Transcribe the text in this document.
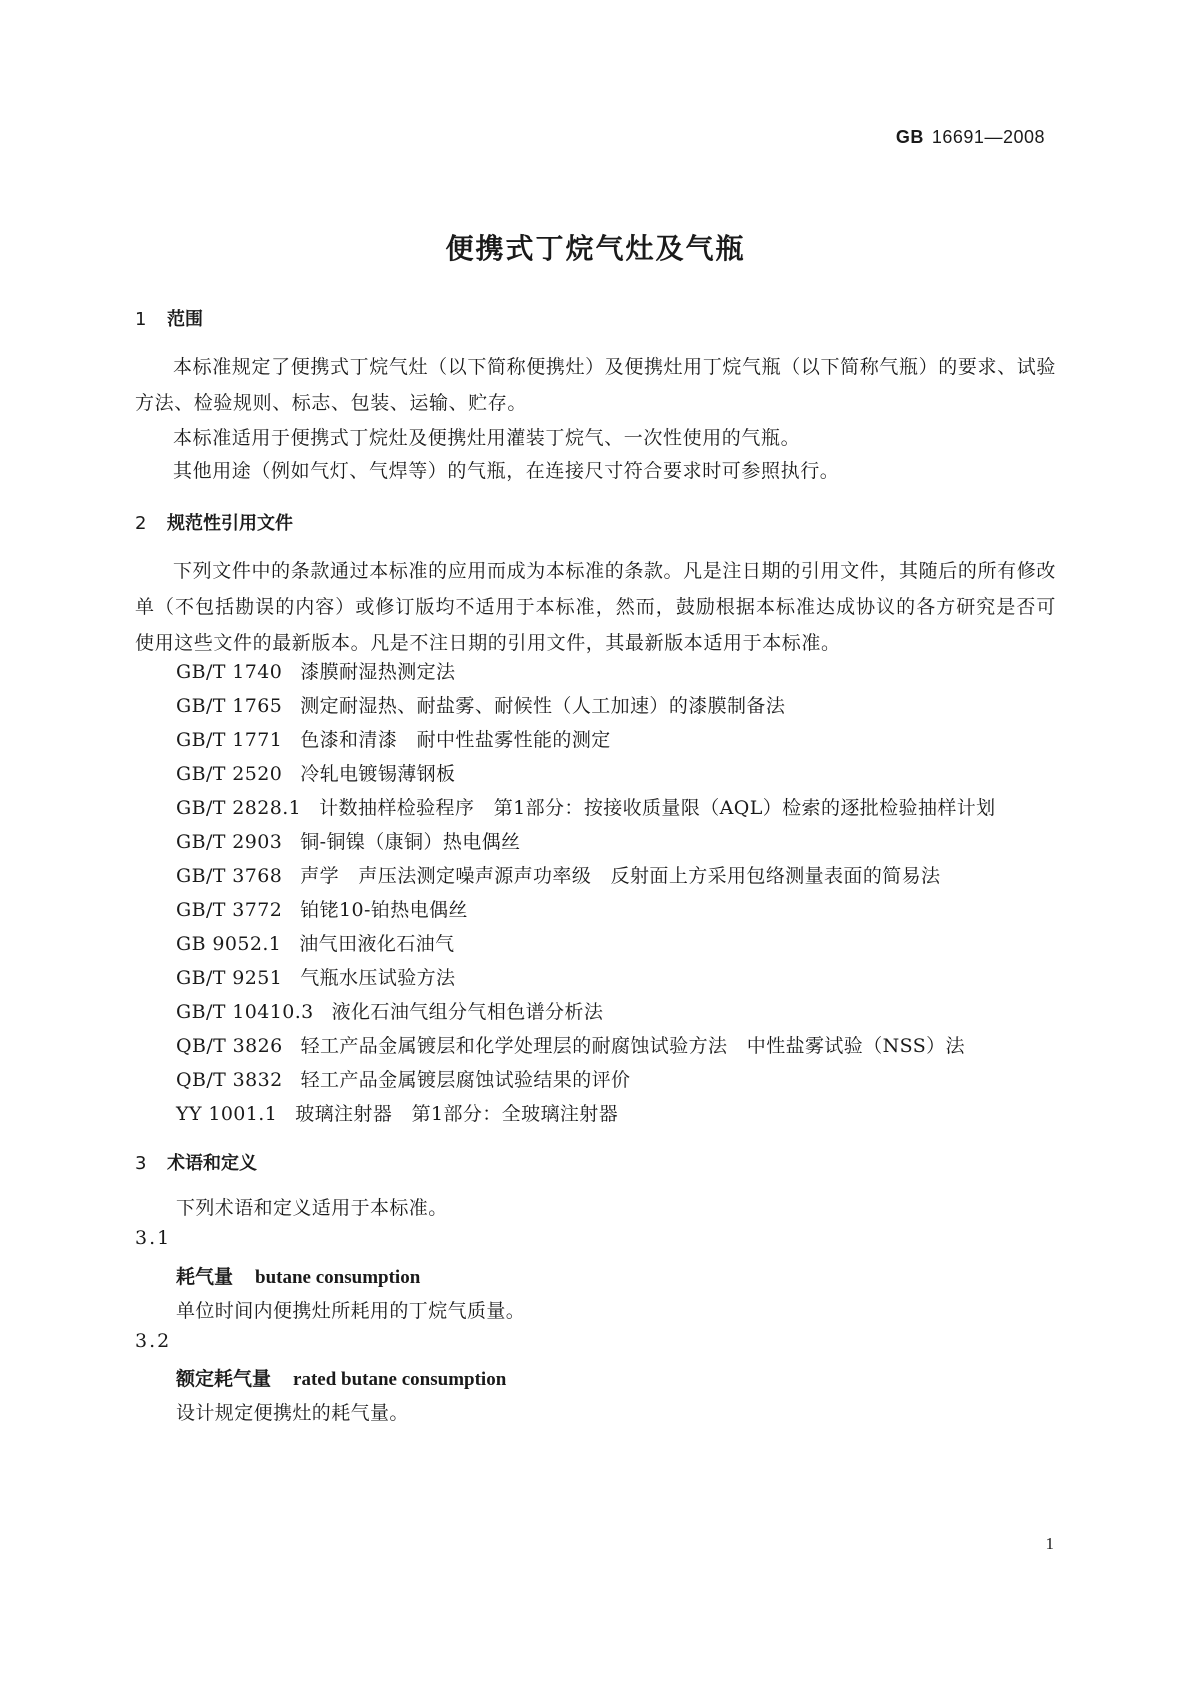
GB 16691—2008
便携式丁烷气灶及气瓶
1 范围
本标准规定了便携式丁烷气灶（以下简称便携灶）及便携灶用丁烷气瓶（以下简称气瓶）的要求、试验方法、检验规则、标志、包装、运输、贮存。
本标准适用于便携式丁烷灶及便携灶用灌装丁烷气、一次性使用的气瓶。
其他用途（例如气灯、气焊等）的气瓶，在连接尺寸符合要求时可参照执行。
2 规范性引用文件
下列文件中的条款通过本标准的应用而成为本标准的条款。凡是注日期的引用文件，其随后的所有修改单（不包括勘误的内容）或修订版均不适用于本标准，然而，鼓励根据本标准达成协议的各方研究是否可使用这些文件的最新版本。凡是不注日期的引用文件，其最新版本适用于本标准。
GB/T 1740 漆膜耐湿热测定法
GB/T 1765 测定耐湿热、耐盐雾、耐候性（人工加速）的漆膜制备法
GB/T 1771 色漆和清漆　耐中性盐雾性能的测定
GB/T 2520 冷轧电镀锡薄钢板
GB/T 2828.1 计数抽样检验程序　第1部分：按接收质量限（AQL）检索的逐批检验抽样计划
GB/T 2903 铜-铜镍（康铜）热电偶丝
GB/T 3768 声学　声压法测定噪声源声功率级　反射面上方采用包络测量表面的简易法
GB/T 3772 铂铑10-铂热电偶丝
GB 9052.1 油气田液化石油气
GB/T 9251 气瓶水压试验方法
GB/T 10410.3 液化石油气组分气相色谱分析法
QB/T 3826 轻工产品金属镀层和化学处理层的耐腐蚀试验方法　中性盐雾试验（NSS）法
QB/T 3832 轻工产品金属镀层腐蚀试验结果的评价
YY 1001.1 玻璃注射器　第1部分：全玻璃注射器
3 术语和定义
下列术语和定义适用于本标准。
3.1
耗气量 butane consumption
单位时间内便携灶所耗用的丁烷气质量。
3.2
额定耗气量 rated butane consumption
设计规定便携灶的耗气量。
1
